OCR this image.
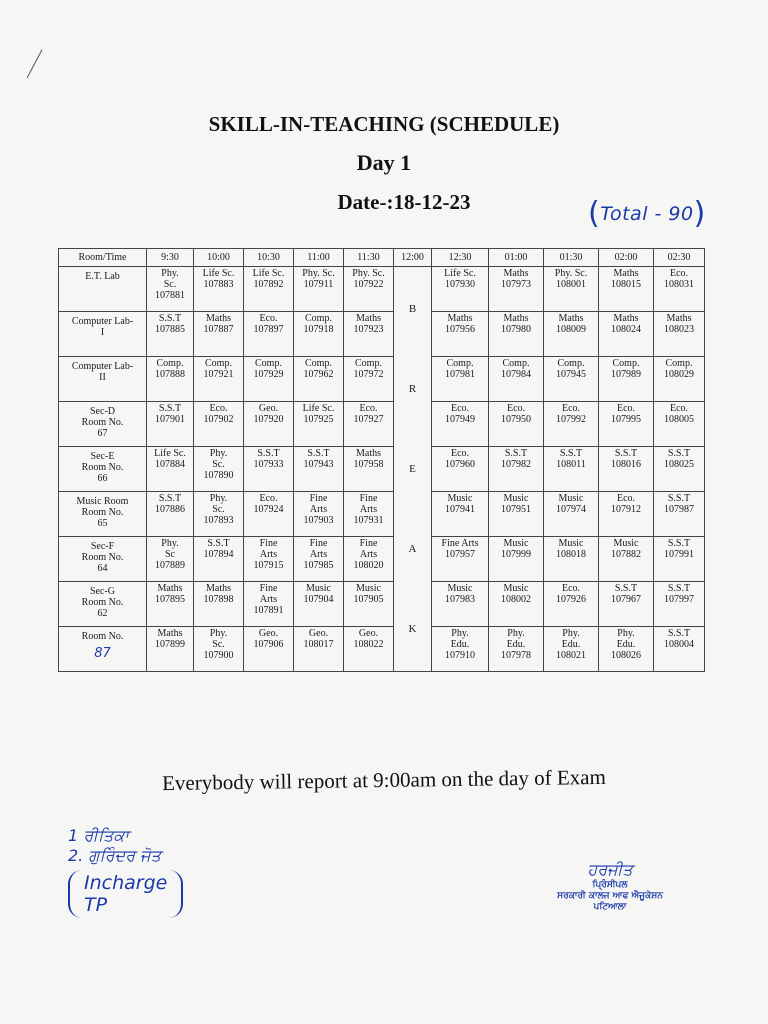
SKILL-IN-TEACHING (SCHEDULE)
Day 1
Date-:18-12-23	(Total - 90)
Room/Time	9:30	10:00	10:30	11:00	11:30	12:00	12:30	01:00	01:30	02:00	02:30

E.T. Lab	Phy.
Sc.
107881	Life Sc.
107883	Life Sc.
107892	Phy. Sc.
107911	Phy. Sc.
107922	B
R
E
A
K	Life Sc.
107930	Maths
107973	Phy. Sc.
108001	Maths
108015	Eco.
108031

Computer Lab-
I	S.S.T
107885	Maths
107887	Eco.
107897	Comp.
107918	Maths
107923		Maths
107956	Maths
107980	Maths
108009	Maths
108024	Maths
108023

Computer Lab-
II	Comp.
107888	Comp.
107921	Comp.
107929	Comp.
107962	Comp.
107972		Comp.
107981	Comp.
107984	Comp.
107945	Comp.
107989	Comp.
108029

Sec-D
Room No.
67	S.S.T
107901	Eco.
107902	Geo.
107920	Life Sc.
107925	Eco.
107927		Eco.
107949	Eco.
107950	Eco.
107992	Eco.
107995	Eco.
108005

Sec-E
Room No.
66	Life Sc.
107884	Phy.
Sc.
107890	S.S.T
107933	S.S.T
107943	Maths
107958		Eco.
107960	S.S.T
107982	S.S.T
108011	S.S.T
108016	S.S.T
108025

Music Room
Room No.
65	S.S.T
107886	Phy.
Sc.
107893	Eco.
107924	Fine
Arts
107903	Fine
Arts
107931		Music
107941	Music
107951	Music
107974	Eco.
107912	S.S.T
107987

Sec-F
Room No.
64	Phy.
Sc
107889	S.S.T
107894	Fine
Arts
107915	Fine
Arts
107985	Fine
Arts
108020		Fine Arts
107957	Music
107999	Music
108018	Music
107882	S.S.T
107991

Sec-G
Room No.
62	Maths
107895	Maths
107898	Fine
Arts
107891	Music
107904	Music
107905		Music
107983	Music
108002	Eco.
107926	S.S.T
107967	S.S.T
107997

Room No.
87	Maths
107899	Phy.
Sc.
107900	Geo.
107906	Geo.
108017	Geo.
108022		Phy.
Edu.
107910	Phy.
Edu.
107978	Phy.
Edu.
108021	Phy.
Edu.
108026	S.S.T
108004
Everybody will report at 9:00am on the day of Exam
1 ਰੀਤਿਕਾ
2. ਗੁਰਿੰਦਰ ਜੋਤ
Incharge
TP
ਹਰਜੀਤ
ਪ੍ਰਿੰਸੀਪਲ
ਸਰਕਾਰੀ ਕਾਲਜ ਆਫ ਐਜੂਕੇਸ਼ਨ
ਪਟਿਆਲਾ
